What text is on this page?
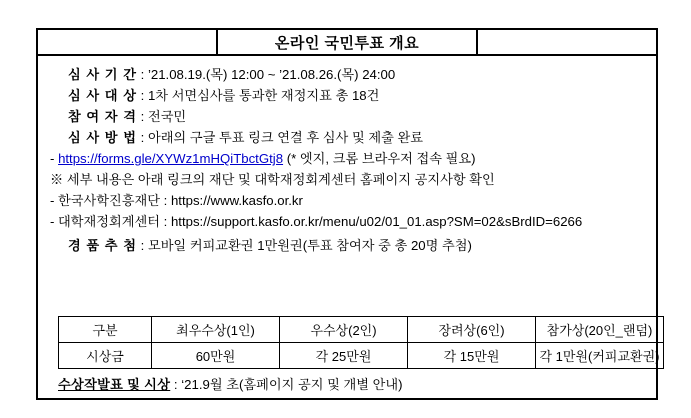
온라인 국민투표 개요
심 사 기 간 : ’21.08.19.(목) 12:00 ~ ’21.08.26.(목) 24:00
심 사 대 상 : 1차 서면심사를 통과한 재정지표 총 18건
참 여 자 격 : 전국민
심 사 방 법 : 아래의 구글 투표 링크 연결 후 심사 및 제출 완료
- https://forms.gle/XYWz1mHQiTbctGtj8 (* 엣지, 크롬 브라우저 접속 필요)
※ 세부 내용은 아래 링크의 재단 및 대학재정회계센터 홈페이지 공지사항 확인
- 한국사학진흥재단 : https://www.kasfo.or.kr
- 대학재정회계센터 : https://support.kasfo.or.kr/menu/u02/01_01.asp?SM=02&sBrdID=6266
경 품 추 첨 : 모바일 커피교환권 1만원권(투표 참여자 중 총 20명 추첨)
구분	최우수상(1인)	우수상(2인)	장려상(6인)	참가상(20인_랜덤)
시상금	60만원	각 25만원	각 15만원	각 1만원(커피교환권)
수상작발표 및 시상 : ‘21.9월 초(홈페이지 공지 및 개별 안내)
